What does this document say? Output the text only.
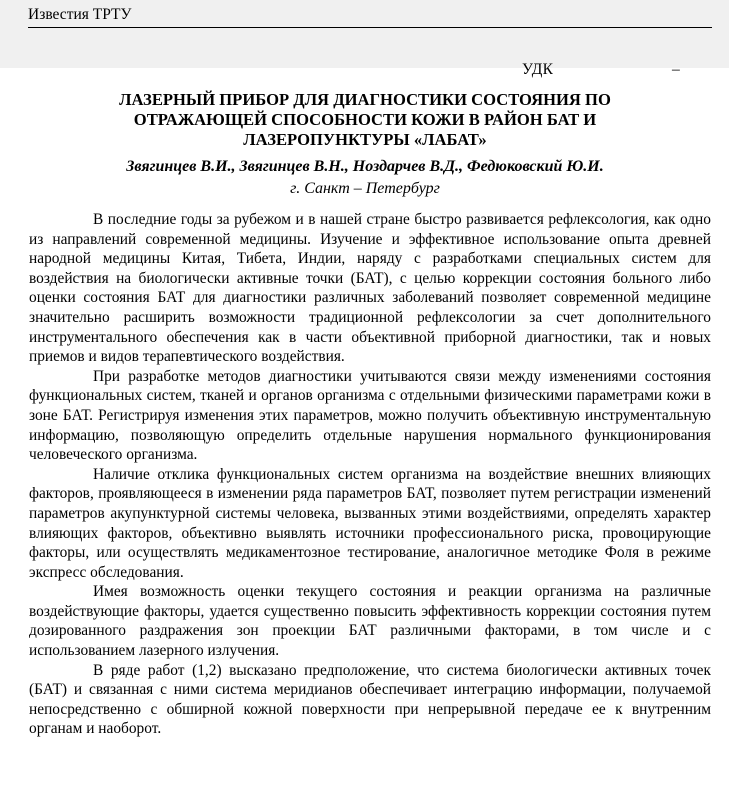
Известия ТРТУ
УДК	–
ЛАЗЕРНЫЙ ПРИБОР ДЛЯ ДИАГНОСТИКИ СОСТОЯНИЯ ПО ОТРАЖАЮЩЕЙ СПОСОБНОСТИ КОЖИ В РАЙОН БАТ И ЛАЗЕРОПУНКТУРЫ «ЛАБАТ»
Звягинцев В.И., Звягинцев В.Н., Ноздарчев В.Д., Федюковский Ю.И.
г. Санкт – Петербург

В последние годы за рубежом и в нашей стране быстро развивается рефлексология, как одно из направлений современной медицины. Изучение и эффективное использование опыта древней народной медицины Китая, Тибета, Индии, наряду с разработками специальных систем для воздействия на биологически активные точки (БАТ), с целью коррекции состояния больного либо оценки состояния БАТ для диагностики различных заболеваний позволяет современной медицине значительно расширить возможности традиционной рефлексологии за счет дополнительного инструментального обеспечения как в части объективной приборной диагностики, так и новых приемов и видов терапевтического воздействия.

При разработке методов диагностики учитываются связи между изменениями состояния функциональных систем, тканей и органов организма с отдельными физическими параметрами кожи в зоне БАТ. Регистрируя изменения этих параметров, можно получить объективную инструментальную информацию, позволяющую определить отдельные нарушения нормального функционирования человеческого организма.

Наличие отклика функциональных систем организма на воздействие внешних влияющих факторов, проявляющееся в изменении ряда параметров БАТ, позволяет путем регистрации изменений параметров акупунктурной системы человека, вызванных этими воздействиями, определять характер влияющих факторов, объективно выявлять источники профессионального риска, провоцирующие факторы, или осуществлять медикаментозное тестирование, аналогичное методике Фоля в режиме экспресс обследования.

Имея возможность оценки текущего состояния и реакции организма на различные воздействующие факторы, удается существенно повысить эффективность коррекции состояния путем дозированного раздражения зон проекции БАТ различными факторами, в том числе и с использованием лазерного излучения.

В ряде работ (1,2) высказано предположение, что система биологически активных точек (БАТ) и связанная с ними система меридианов обеспечивает интеграцию информации, получаемой непосредственно с обширной кожной поверхности при непрерывной передаче ее к внутренним органам и наоборот.
